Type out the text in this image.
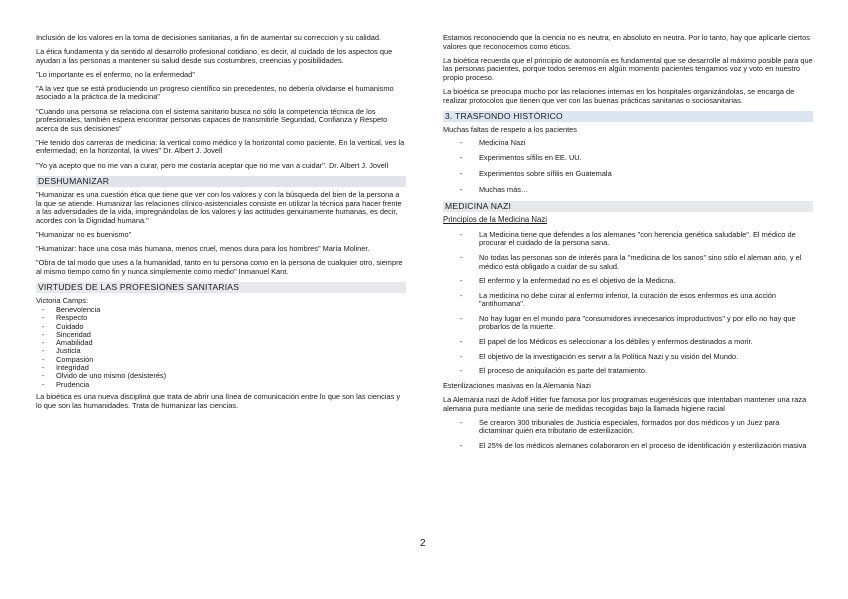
Inclusión de los valores en la toma de decisiones sanitarias, a fin de aumentar su correccion y su calidad.

La ética fundamenta y da sentido al desarrollo profesional cotidiano, es decir, al cuidado de los aspectos que ayudan a las personas a mantener su salud desde sus costumbres, creencias y posibilidades.

"Lo importante es el enfermo, no la enfermedad"

"A la vez que se está produciendo un progreso científico sin precedentes, no debería olvidarse el humanismo asociado a la práctica de la medicina"

"Cuando una persona se relaciona con el sistema sanitario busca no sólo la competencia técnica de los profesionales, también espera encontrar personas capaces de transmitirle Seguridad, Confianza y Respeto acerca de sus decisiones"

"He tenido dos carreras de medicina: la vertical como médico y la horizontal como paciente. En la vertical, ves la enfermedad; en la horizontal, la vives" Dr. Albert J. Jovell

"Yo ya acepto que no me van a curar, pero me costaría aceptar que no me van a cuidar". Dr. Albert J. Jovell

DESHUMANIZAR

"Humanizar es una cuestión ética que tiene que ver con los valores y con la búsqueda del bien de la persona a la que se atiende. Humanizar las relaciones clínico-asistenciales consiste en utilizar la técnica para hacer frente a las adversidades de la vida, impregnándolas de los valores y las actitudes genuinamente humanas, es decir, acordes con la Dignidad humana."

"Humanizar no es buenismo"

"Humanizar: hace una cosa más humana, menos cruel, menos dura para los hombres" María Moliner.

"Obra de tal modo que uses a la humanidad, tanto en tu persona como en la persona de cualquier otro, siempre al mismo tiempo como fin y nunca simplemente como medio" Inmanuel Kant.

VIRTUDES DE LAS PROFESIONES SANITARIAS
Victoria Camps:
- Benevolencia
- Respecto
- Cuidado
- Sinceridad
- Amabilidad
- Justicia
- Compasión
- Integridad
- Olvido de uno mismo (desisterés)
- Prudencia

La bioética es una nueva disciplina que trata de abrir una línea de comunicación entre lo que son las ciencias y lo que son las humanidades. Trata de humanizar las ciencias.

Estamos reconociendo que la ciencia no es neutra, en absoluto en neutra. Por lo tanto, hay que aplicarle ciertos valores que reconocemos como éticos.

La bioética recuerda que el principio de autonomía es fundamental que se desarrolle al máximo posible para que las personas pacientes, porque todos seremos en algún momento pacientes tengamos voz y voto en nuestro propio proceso.

La bioética se preocupa mucho por las relaciones internas en los hospitales organizándolas, se encarga de realizar protocolos que tienen que ver con las buenas prácticas sanitarias o sociosanitarias.

3. TRASFONDO HISTÓRICO
Muchas faltas de respeto a los pacientes
- Medicina Nazi
- Experimentos sífilis en EE. UU.
- Experimentos sobre sífilis en Guatemala
- Muchas más…
MEDICINA NAZI
Principios de la Medicina Nazi
- La Medicina tiene que defendes a los alemanes "con herencia genética saludable". El médico de procurar el cuidado de la persona sana.
- No todas las personas son de interés para la "medicina de los sanos" sino sólo el aleman ario, y el médico está obligado a cuidar de su salud.
- El enfermo y la enfermedad no es el objetivo de la Medicna.
- La medicina no debe curar al enfermo inferior, la curación de esos enfermos es una acción "antihumana".
- No hay lugar en el mundo para "consumidores innecesarios improductivos" y por ello no hay que probarlos de la muerte.
- El papel de los Médicos es seleccionar a los débiles y enfermos destinados a morir.
- El objetivo de la investigación es servir a la Política Nazi y su visión del Mundo.
- El proceso de aniquilación es parte del tratamiento.

Esterilizaciones masivas en la Alemania Nazi

La Alemania nazi de Adolf Hitler fue famosa por los programas eugenésicos que intentaban mantener una raza alemana pura mediante una serie de medidas recogidas bajo la llamada higiene racial

- Se crearon 300 tribunales de Justicia especiales, formados por dos médicos y un Juez para dictaminar quién era tributario de esterilización.
- El 25% de los médicos alemanes colaboraron en el proceso de identificación y esterilización masiva
2
